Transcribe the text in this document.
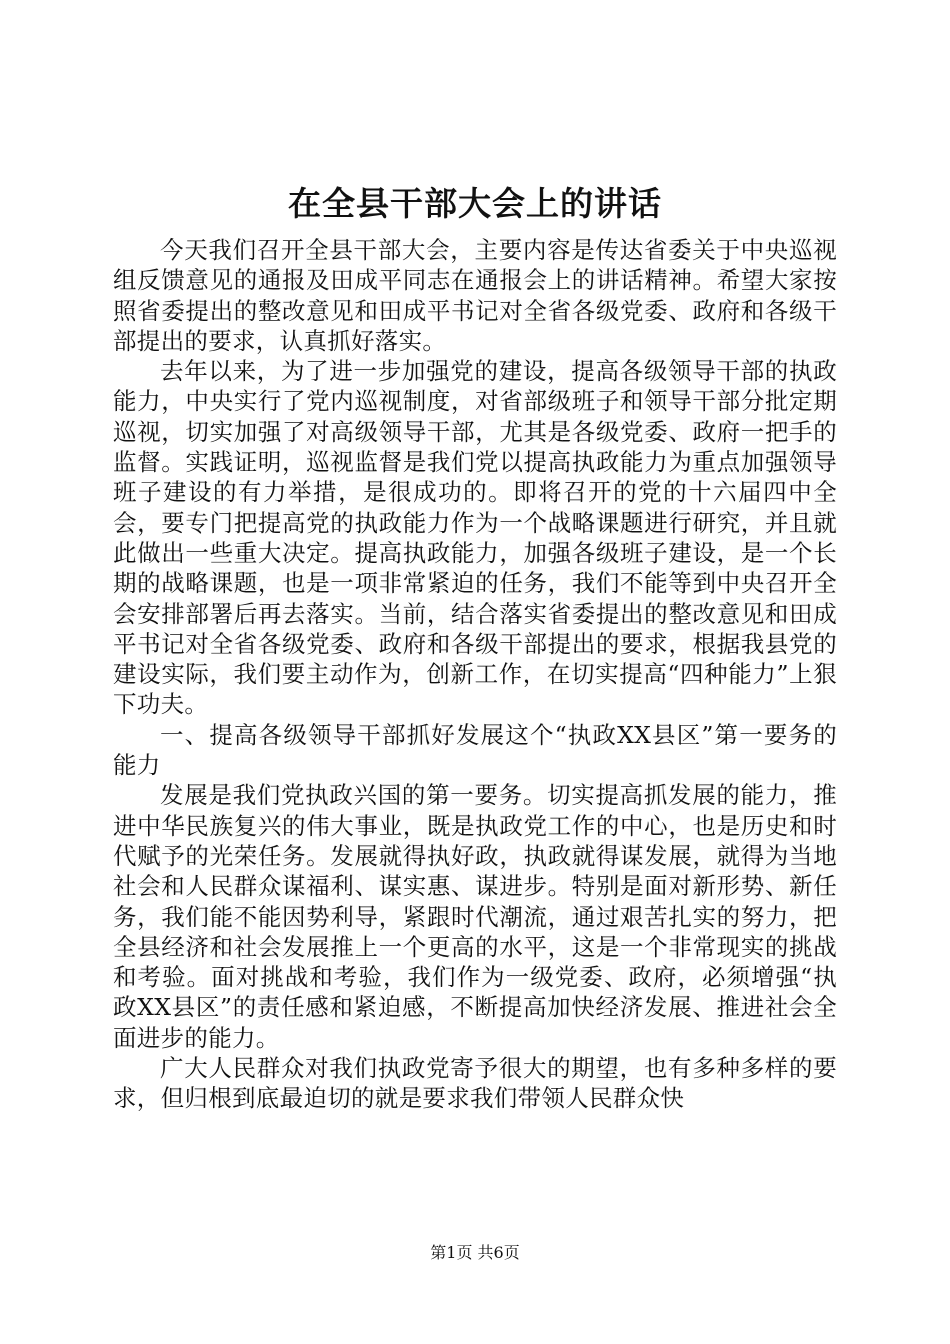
在全县干部大会上的讲话

今天我们召开全县干部大会，主要内容是传达省委关于中央巡视组反馈意见的通报及田成平同志在通报会上的讲话精神。希望大家按照省委提出的整改意见和田成平书记对全省各级党委、政府和各级干部提出的要求，认真抓好落实。

去年以来，为了进一步加强党的建设，提高各级领导干部的执政能力，中央实行了党内巡视制度，对省部级班子和领导干部分批定期巡视，切实加强了对高级领导干部，尤其是各级党委、政府一把手的监督。实践证明，巡视监督是我们党以提高执政能力为重点加强领导班子建设的有力举措，是很成功的。即将召开的党的十六届四中全会，要专门把提高党的执政能力作为一个战略课题进行研究，并且就此做出一些重大决定。提高执政能力，加强各级班子建设，是一个长期的战略课题，也是一项非常紧迫的任务，我们不能等到中央召开全会安排部署后再去落实。当前，结合落实省委提出的整改意见和田成平书记对全省各级党委、政府和各级干部提出的要求，根据我县党的建设实际，我们要主动作为，创新工作，在切实提高“四种能力”上狠下功夫。

一、提高各级领导干部抓好发展这个“执政XX县区”第一要务的能力

发展是我们党执政兴国的第一要务。切实提高抓发展的能力，推进中华民族复兴的伟大事业，既是执政党工作的中心，也是历史和时代赋予的光荣任务。发展就得执好政，执政就得谋发展，就得为当地社会和人民群众谋福利、谋实惠、谋进步。特别是面对新形势、新任务，我们能不能因势利导，紧跟时代潮流，通过艰苦扎实的努力，把全县经济和社会发展推上一个更高的水平，这是一个非常现实的挑战和考验。面对挑战和考验，我们作为一级党委、政府，必须增强“执政XX县区”的责任感和紧迫感，不断提高加快经济发展、推进社会全面进步的能力。

广大人民群众对我们执政党寄予很大的期望，也有多种多样的要求，但归根到底最迫切的就是要求我们带领人民群众快

第1页 共6页
